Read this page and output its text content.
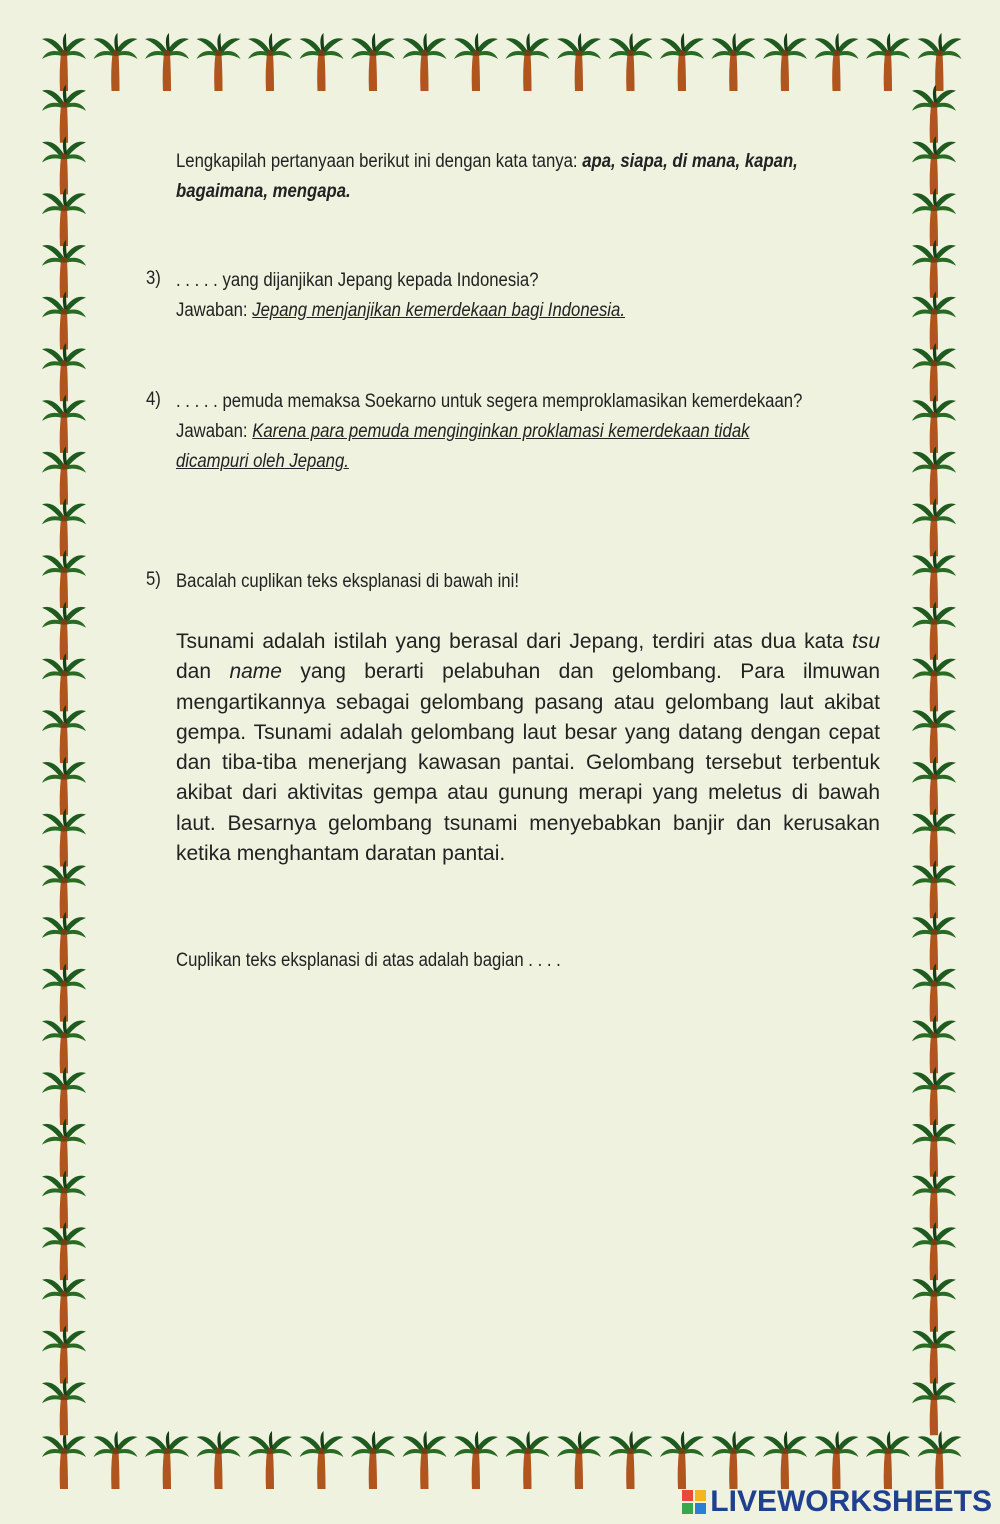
Lengkapilah pertanyaan berikut ini dengan kata tanya: apa, siapa, di mana, kapan,
bagaimana, mengapa.
3) . . . . . yang dijanjikan Jepang kepada Indonesia?
Jawaban: Jepang menjanjikan kemerdekaan bagi Indonesia.
4) . . . . . pemuda memaksa Soekarno untuk segera memproklamasikan kemerdekaan?
Jawaban: Karena para pemuda menginginkan proklamasi kemerdekaan tidak
dicampuri oleh Jepang.
5) Bacalah cuplikan teks eksplanasi di bawah ini!
Tsunami adalah istilah yang berasal dari Jepang, terdiri atas dua kata tsu dan name yang berarti pelabuhan dan gelombang. Para ilmuwan mengartikannya sebagai gelombang pasang atau gelombang laut akibat gempa. Tsunami adalah gelombang laut besar yang datang dengan cepat dan tiba-tiba menerjang kawasan pantai. Gelombang tersebut terbentuk akibat dari aktivitas gempa atau gunung merapi yang meletus di bawah laut. Besarnya gelombang tsunami menyebabkan banjir dan kerusakan ketika menghantam daratan pantai.
Cuplikan teks eksplanasi di atas adalah bagian . . . .
LIVEWORKSHEETS
